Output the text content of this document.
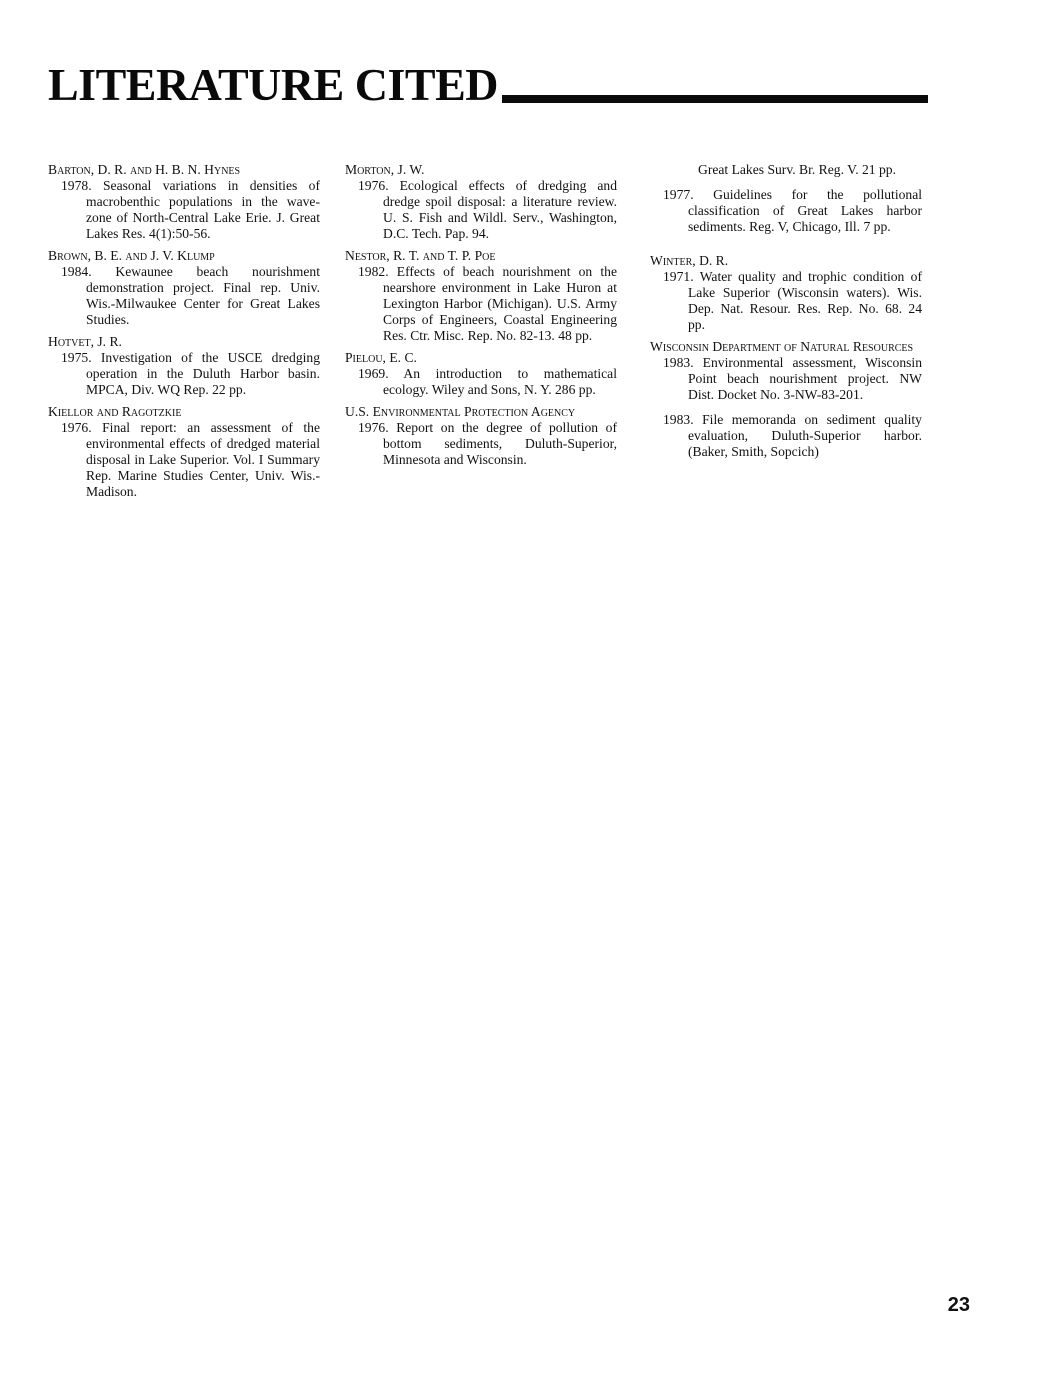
LITERATURE CITED
Barton, D. R. and H. B. N. Hynes
1978. Seasonal variations in densities of macrobenthic populations in the wave-zone of North-Central Lake Erie. J. Great Lakes Res. 4(1):50-56.
Brown, B. E. and J. V. Klump
1984. Kewaunee beach nourishment demonstration project. Final rep. Univ. Wis.-Milwaukee Center for Great Lakes Studies.
Hotvet, J. R.
1975. Investigation of the USCE dredging operation in the Duluth Harbor basin. MPCA, Div. WQ Rep. 22 pp.
Kiellor and Ragotzkie
1976. Final report: an assessment of the environmental effects of dredged material disposal in Lake Superior. Vol. I Summary Rep. Marine Studies Center, Univ. Wis.-Madison.
Morton, J. W.
1976. Ecological effects of dredging and dredge spoil disposal: a literature review. U. S. Fish and Wildl. Serv., Washington, D.C. Tech. Pap. 94.
Nestor, R. T. and T. P. Poe
1982. Effects of beach nourishment on the nearshore environment in Lake Huron at Lexington Harbor (Michigan). U.S. Army Corps of Engineers, Coastal Engineering Res. Ctr. Misc. Rep. No. 82-13. 48 pp.
Pielou, E. C.
1969. An introduction to mathematical ecology. Wiley and Sons, N. Y. 286 pp.
U.S. Environmental Protection Agency
1976. Report on the degree of pollution of bottom sediments, Duluth-Superior, Minnesota and Wisconsin.
Great Lakes Surv. Br. Reg. V. 21 pp.
1977. Guidelines for the pollutional classification of Great Lakes harbor sediments. Reg. V, Chicago, Ill. 7 pp.
Winter, D. R.
1971. Water quality and trophic condition of Lake Superior (Wisconsin waters). Wis. Dep. Nat. Resour. Res. Rep. No. 68. 24 pp.
Wisconsin Department of Natural Resources
1983. Environmental assessment, Wisconsin Point beach nourishment project. NW Dist. Docket No. 3-NW-83-201.
1983. File memoranda on sediment quality evaluation, Duluth-Superior harbor. (Baker, Smith, Sopcich)
23
